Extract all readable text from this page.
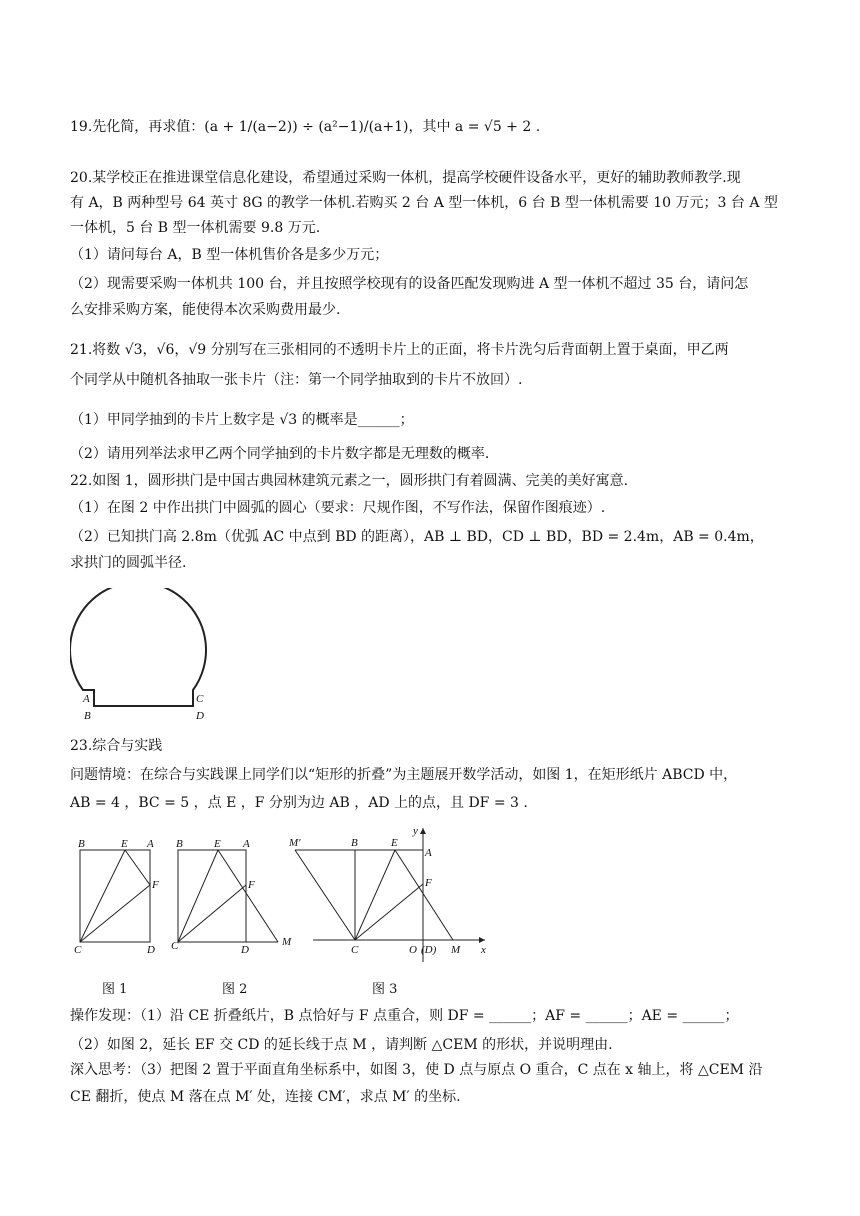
19.先化简，再求值：(a + 1/(a−2)) ÷ (a²−1)/(a+1)，其中 a = √5 + 2 .
20.某学校正在推进课堂信息化建设，希望通过采购一体机，提高学校硬件设备水平，更好的辅助教师教学.现
有 A，B 两种型号 64 英寸 8G 的教学一体机.若购买 2 台 A 型一体机，6 台 B 型一体机需要 10 万元；3 台 A 型
一体机，5 台 B 型一体机需要 9.8 万元.
（1）请问每台 A，B 型一体机售价各是多少万元；
（2）现需要采购一体机共 100 台，并且按照学校现有的设备匹配发现购进 A 型一体机不超过 35 台，请问怎
么安排采购方案，能使得本次采购费用最少.
21.将数 √3，√6，√9 分别写在三张相同的不透明卡片上的正面，将卡片洗匀后背面朝上置于桌面，甲乙两
个同学从中随机各抽取一张卡片（注：第一个同学抽取到的卡片不放回）.
（1）甲同学抽到的卡片上数字是 √3 的概率是______；
（2）请用列举法求甲乙两个同学抽到的卡片数字都是无理数的概率.
22.如图 1，圆形拱门是中国古典园林建筑元素之一，圆形拱门有着圆满、完美的美好寓意.
（1）在图 2 中作出拱门中圆弧的圆心（要求：尺规作图，不写作法，保留作图痕迹）.
（2）已知拱门高 2.8m（优弧 AC 中点到 BD 的距离），AB ⊥ BD，CD ⊥ BD，BD = 2.4m，AB = 0.4m，
求拱门的圆弧半径.
A
B
C
D
23.综合与实践
问题情境：在综合与实践课上同学们以“矩形的折叠”为主题展开数学活动，如图 1，在矩形纸片 ABCD 中，
AB = 4 ，BC = 5 ，点 E ，F 分别为边 AB ，AD 上的点，且 DF = 3 .
B	E A
F
C	D
B	E A
F
C	D
M
M′	B	E
A
F
C	O (D) M x
y
图 1	图 2	图 3
操作发现：（1）沿 CE 折叠纸片，B 点恰好与 F 点重合，则 DF = ______；AF = ______；AE = ______；
（2）如图 2，延长 EF 交 CD 的延长线于点 M ，请判断 △CEM 的形状，并说明理由.
深入思考：（3）把图 2 置于平面直角坐标系中，如图 3，使 D 点与原点 O 重合，C 点在 x 轴上，将 △CEM 沿
CE 翻折，使点 M 落在点 M′ 处，连接 CM′，求点 M′ 的坐标.
